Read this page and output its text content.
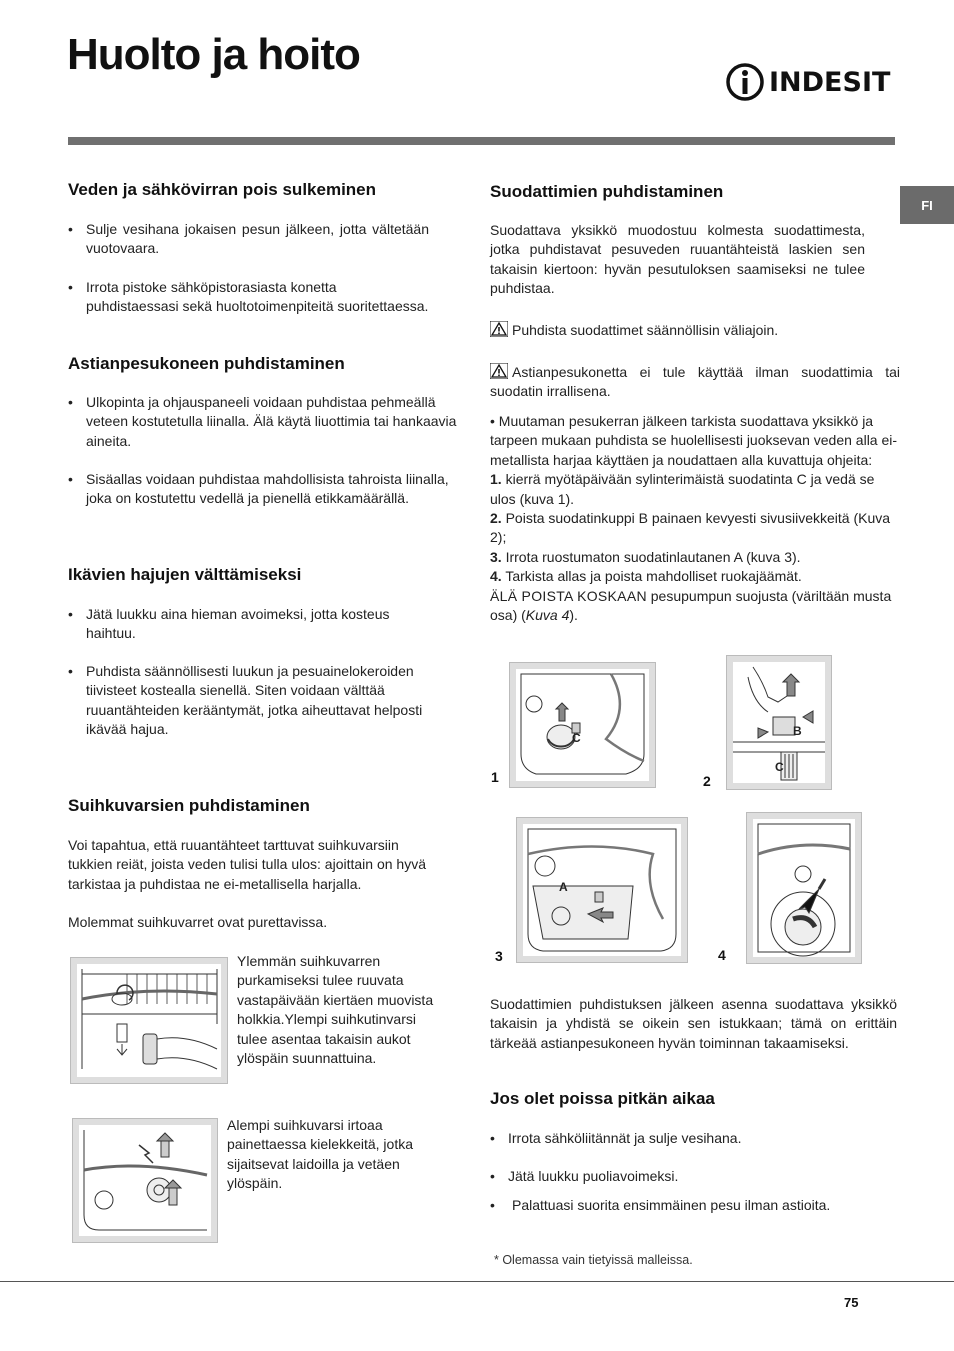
Huolto ja hoito
INDESIT
FI
Veden ja sähkövirran pois sulkeminen
• Sulje vesihana jokaisen pesun jälkeen, jotta vältetään vuotovaara.
• Irrota pistoke sähköpistorasiasta konetta puhdistaessasi sekä huoltotoimenpiteitä suoritettaessa.
Astianpesukoneen puhdistaminen
• Ulkopinta ja ohjauspaneeli voidaan puhdistaa pehmeällä veteen kostutetulla liinalla. Älä käytä liuottimia tai hankaavia aineita.
• Sisäallas voidaan puhdistaa mahdollisista tahroista liinalla, joka on kostutettu vedellä ja pienellä etikkamäärällä.
Ikävien hajujen välttämiseksi
• Jätä luukku aina hieman avoimeksi, jotta kosteus haihtuu.
• Puhdista säännöllisesti luukun ja pesuainelokeroiden tiivisteet kostealla sienellä. Siten voidaan välttää ruuantähteiden kerääntymät, jotka aiheuttavat helposti ikävää hajua.
Suihkuvarsien puhdistaminen
Voi tapahtua, että ruuantähteet tarttuvat suihkuvarsiin tukkien reiät, joista veden tulisi tulla ulos: ajoittain on hyvä tarkistaa ja puhdistaa ne ei-metallisella harjalla.
Molemmat suihkuvarret ovat purettavissa.
Ylemmän suihkuvarren purkamiseksi tulee ruuvata vastapäivään kiertäen muovista holkkia.Ylempi suihkutinvarsi tulee asentaa takaisin aukot ylöspäin suunnattuina.
Alempi suihkuvarsi irtoaa painettaessa kielekkeitä, jotka sijaitsevat laidoilla ja vetäen ylöspäin.
Suodattimien puhdistaminen
Suodattava yksikkö muodostuu kolmesta suodattimesta, jotka puhdistavat pesuveden ruuantähteistä laskien sen takaisin kiertoon: hyvän pesutuloksen saamiseksi ne tulee puhdistaa.
Puhdista suodattimet säännöllisin väliajoin.
Astianpesukonetta ei tule käyttää ilman suodattimia tai suodatin irrallisena.
• Muutaman pesukerran jälkeen tarkista suodattava yksikkö ja tarpeen mukaan puhdista se huolellisesti juoksevan veden alla ei-metallista harjaa käyttäen ja noudattaen alla kuvattuja ohjeita:
1. kierrä myötäpäivään sylinterimäistä suodatinta C ja vedä se ulos (kuva 1).
2. Poista suodatinkuppi B painaen kevyesti sivusiivekkeitä (Kuva 2);
3. Irrota ruostumaton suodatinlautanen A (kuva 3).
4. Tarkista allas ja poista mahdolliset ruokajäämät.
ÄLÄ POISTA KOSKAAN pesupumpun suojusta (väriltään musta osa) (Kuva 4).
C
1
B
C
2
A
3	4
Suodattimien puhdistuksen jälkeen asenna suodattava yksikkö takaisin ja yhdistä se oikein sen istukkaan; tämä on erittäin tärkeää astianpesukoneen hyvän toiminnan takaamiseksi.
Jos olet poissa pitkän aikaa
• Irrota sähköliitännät ja sulje vesihana.
• Jätä luukku puoliavoimeksi.
• Palattuasi suorita ensimmäinen pesu ilman astioita.
* Olemassa vain tietyissä malleissa.
75
